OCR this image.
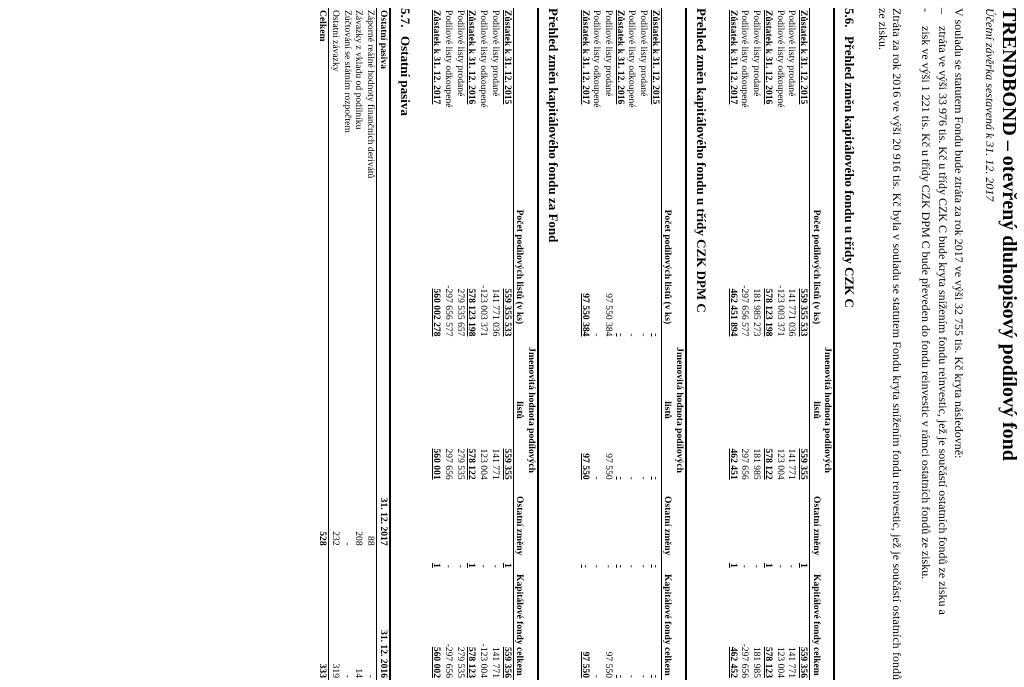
TRENDBOND – otevřený dluhopisový podílový fond
Účetní závěrka sestavená k 31. 12. 2017

V souladu se statutem Fondu bude ztráta za rok 2017 ve výši 32 755 tis. Kč kryta následovně:

–
ztráta ve výši 33 976 tis. Kč u třídy CZK C bude kryta snížením fondu reinvestic, jež je součástí ostatních fondů ze zisku a
-
zisk ve výši 1 221 tis. Kč u třídy CZK DPM C bude převeden do fondu reinvestic v rámci ostatních fondů ze zisku.

Ztráta za rok 2016 ve výši 20 916 tis. Kč byla v souladu se statutem Fondu kryta snížením fondu reinvestic, jež je součástí ostatních fondů ze zisku.

5.6.
Přehled změn kapitálového fondu u třídy CZK C
	Počet podílových listů (v ks)	Jmenovitá hodnota podílových listů	Ostatní změny	Kapitálové fondy celkem
Zůstatek k 31. 12. 2015	559 355 533	559 355	1	559 356
Podílové listy prodané	141 771 036	141 771	-	141 771
Podílové listy odkoupené	-123 003 371	123 004	-	123 004
Zůstatek k 31. 12. 2016	578 123 198	578 122	1	578 123
Podílové listy prodané	181 985 273	181 985	-	181 985
Podílové listy odkoupené	-297 656 577	297 656	-	-297 656
Zůstatek k 31. 12. 2017	462 451 894	462 451	1	462 452
Přehled změn kapitálového fondu u třídy CZK DPM C
	Počet podílových listů (v ks)	Jmenovitá hodnota podílových listů	Ostatní změny	Kapitálové fondy celkem
Zůstatek k 31. 12. 2015	-	-	-	-
Podílové listy prodané	-	-	-	-
Podílové listy odkoupené	-	-	-	-
Zůstatek k 31. 12. 2016	-	-	-	-
Podílové listy prodané	97 550 384	97 550	-	97 550
Podílové listy odkoupené	-	-	-	-
Zůstatek k 31. 12. 2017	97 550 384	97 550	-	97 550
Přehled změn kapitálového fondu za Fond
	Počet podílových listů (v ks)	Jmenovitá hodnota podílových listů	Ostatní změny	Kapitálové fondy celkem
Zůstatek k 31. 12. 2015	559 355 533	559 355	1	559 356
Podílové listy prodané	141 771 036	141 771	-	141 771
Podílové listy odkoupené	-123 003 371	123 004	-	-123 004
Zůstatek k 31. 12. 2016	578 123 198	578 122	1	578 123
Podílové listy prodané	279 535 657	279 535	-	279 535
Podílové listy odkoupené	-297 656 577	297 656	-	-297 656
Zůstatek k 31. 12. 2017	560 002 278	560 001	1	560 002
5.7.
Ostatní pasiva
Ostatní pasiva	31. 12. 2017	31. 12. 2016
Záporné reálné hodnoty finančních derivátů	88	-
Závazky z vkladu od podílníku	208	14
Zúčtování se státním rozpočtem	-	-
Ostatní závazky	232	319
Celkem	528	333
